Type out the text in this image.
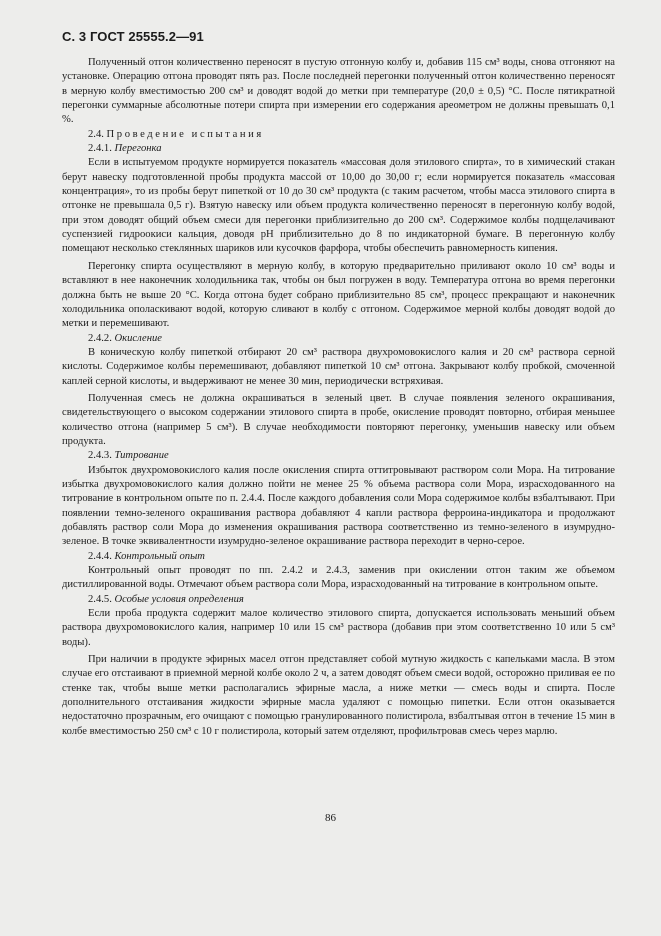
С. 3 ГОСТ 25555.2—91

Полученный отгон количественно переносят в пустую отгонную колбу и, добавив 115 см³ воды, снова отгоняют на установке. Операцию отгона проводят пять раз. После последней перегонки полученный отгон количественно переносят в мерную колбу вместимостью 200 см³ и доводят водой до метки при температуре (20,0 ± 0,5) °С. После пятикратной перегонки суммарные абсолютные потери спирта при измерении его содержания ареометром не должны превышать 0,1 %.

2.4. Проведение испытания
2.4.1. Перегонка

Если в испытуемом продукте нормируется показатель «массовая доля этилового спирта», то в химический стакан берут навеску подготовленной пробы продукта массой от 10,00 до 30,00 г; если нормируется показатель «массовая концентрация», то из пробы берут пипеткой от 10 до 30 см³ продукта (с таким расчетом, чтобы масса этилового спирта в отгонке не превышала 0,5 г). Взятую навеску или объем продукта количественно переносят в перегонную колбу водой, при этом доводят общий объем смеси для перегонки приблизительно до 200 см³. Содержимое колбы подщелачивают суспензией гидроокиси кальция, доводя pH приблизительно до 8 по индикаторной бумаге. В перегонную колбу помещают несколько стеклянных шариков или кусочков фарфора, чтобы обеспечить равномерность кипения.

Перегонку спирта осуществляют в мерную колбу, в которую предварительно приливают около 10 см³ воды и вставляют в нее наконечник холодильника так, чтобы он был погружен в воду. Температура отгона во время перегонки должна быть не выше 20 °С. Когда отгона будет собрано приблизительно 85 см³, процесс прекращают и наконечник холодильника ополаскивают водой, которую сливают в колбу с отгоном. Содержимое мерной колбы доводят водой до метки и перемешивают.

2.4.2. Окисление

В коническую колбу пипеткой отбирают 20 см³ раствора двухромовокислого калия и 20 см³ раствора серной кислоты. Содержимое колбы перемешивают, добавляют пипеткой 10 см³ отгона. Закрывают колбу пробкой, смоченной каплей серной кислоты, и выдерживают не менее 30 мин, периодически встряхивая.

Полученная смесь не должна окрашиваться в зеленый цвет. В случае появления зеленого окрашивания, свидетельствующего о высоком содержании этилового спирта в пробе, окисление проводят повторно, отбирая меньшее количество отгона (например 5 см³). В случае необходимости повторяют перегонку, уменьшив навеску или объем продукта.

2.4.3. Титрование

Избыток двухромовокислого калия после окисления спирта оттитровывают раствором соли Мора. На титрование избытка двухромовокислого калия должно пойти не менее 25 % объема раствора соли Мора, израсходованного на титрование в контрольном опыте по п. 2.4.4. После каждого добавления соли Мора содержимое колбы взбалтывают. При появлении темно-зеленого окрашивания раствора добавляют 4 капли раствора ферроина-индикатора и продолжают добавлять раствор соли Мора до изменения окрашивания раствора соответственно из темно-зеленого в изумрудно-зеленое. В точке эквивалентности изумрудно-зеленое окрашивание раствора переходит в черно-серое.

2.4.4. Контрольный опыт

Контрольный опыт проводят по пп. 2.4.2 и 2.4.3, заменив при окислении отгон таким же объемом дистиллированной воды. Отмечают объем раствора соли Мора, израсходованный на титрование в контрольном опыте.

2.4.5. Особые условия определения

Если проба продукта содержит малое количество этилового спирта, допускается использовать меньший объем раствора двухромовокислого калия, например 10 или 15 см³ раствора (добавив при этом соответственно 10 или 5 см³ воды).

При наличии в продукте эфирных масел отгон представляет собой мутную жидкость с капельками масла. В этом случае его отстаивают в приемной мерной колбе около 2 ч, а затем доводят объем смеси водой, осторожно приливая ее по стенке так, чтобы выше метки располагались эфирные масла, а ниже метки — смесь воды и спирта. После дополнительного отстаивания жидкости эфирные масла удаляют с помощью пипетки. Если отгон оказывается недостаточно прозрачным, его очищают с помощью гранулированного полистирола, взбалтывая отгон в течение 15 мин в колбе вместимостью 250 см³ с 10 г полистирола, который затем отделяют, профильтровав смесь через марлю.

86
